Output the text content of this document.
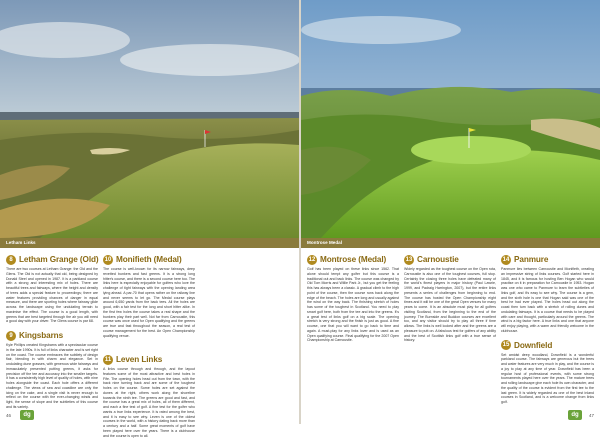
Letham Links
8 Letham Grange (Old)
There are two courses at Letham Grange: the Old and the Glens. The Old is not actually that old, being designed by Donald Steel and opened in 1987. It is a parkland course with a strong and interesting mix of holes. There are beautiful trees and fairways, where the height and density of trees adds a special feature to proceedings; there are water features providing chances of danger in equal measure, and there are sporting holes where fairway glide across the landscape using the undulating terrain to maximise the effect. The course is a good length, with greens that are best targeted through the air you will need a good day with your driver. The Glens course is par 68.
9 Kingsbarns
Kyle Phillips created Kingsbarns with a spectacular course in the late 1990s. It is full of links character and is set right on the coast. The course embraces the subtlety of design flair, blending in with charm and elegance. Set in undulating dune grasses, with generous wide fairways and immaculately presented putting greens, it asks for precision off the tee and accuracy into the smaller targets. It has a consistently high level of quality of holes, with nine holes alongside the coast. Each hole offers a different challenge. The views of sea and coastline are only the icing on the cake, and a single visit is never enough to reflect on the course with the ever-changing winds and light, the sense of slope and the subtleties of this course and its variety.
10 Monifieth (Medal)
The course is well-known for its narrow fairways, deep revetted bunkers and fast greens. It is a strong long hitter's course, and there is a second course here too. The links here is especially enjoyable for golfers who love the challenge of tight fairways with the opening landing area lying ahead. A par-70 that opens rather on the railway line and never seems to let go. The Medal course plays around 6,650 yards from the back tees. All the holes are good, with a fair test for the long and short hitter alike. In the first few holes the course takes a real shape and the bunkers play their part well. Not far from Carnoustie, this course was once used for Open qualifying and the greens are true and fast throughout the season, a real test of course management for the best. An Open Championship qualifying venue.
11 Leven Links
A links course through and through, and the layout features some of the most attractive and best holes in Fife. The opening holes head out from the town, with the back nine turning back and are some of the toughest holes on the course. Some holes are set against the dunes at the right, others work along the shoreline towards the ninth tee. The greens are good and fast, and the course has a great mix of holes, all of them different, and each a fine test of golf. A fine test for the golfer who wants a true links experience. It is rated among the best, and it is easy to see why. Leven is one of the oldest courses in the world, with a history dating back more than a century and a half. Some great moments of golf have been played here over the years. There is a clubhouse and the course is open to all.
46	dg
Montrose Medal
12 Montrose (Medal)
Golf has been played on these links since 1562. That alone should tempt any golfer but this course is a traditional out and back links. The course was changed by Old Tom Morris and Willie Park Jr., but you get the feeling this has always been a classic. A gradual climb to the high point of the course, then the course runs back along the edge of the beach. The holes are long and usually against the wind on the way back. The finishing stretch of holes has some of the toughest in Scotland. You need to play smart golf here, both from the tee and into the greens. It's a great test of links golf on a big scale. The opening stretch is very strong and the finish is just as good. A fine course, one that you will want to go back to time and again. A must-play for any links lover and is used as an Open qualifying course. Final qualifying for the 2007 Open Championship at Carnoustie.
13 Carnoustie
Widely regarded as the toughest course on the Open rota, Carnoustie is also one of the toughest courses, full stop. Certainly the closing three holes have defeated many of the world's finest players in major history (Paul Lawrie, 1999, and Padraig Harrington, 2007), but the entire links presents a series of challenges from beginning to end. The course has hosted the Open Championship eight times and it will be one of the great Open venues for many years to come. It is an absolute must play for all golfers visiting Scotland, from the beginning to the end of the journey. The Burnside and Buddon courses are excellent too, and any visitor should try to play all three if time allows. The links is well looked after and the greens are a pleasure to putt on. A fabulous test for golfers of any ability and the best of Scottish links golf with a true sense of history.
14 Panmure
Panmure lies between Carnoustie and Monifieth, creating an impressive string of links courses. Golf started here in 1845, and it is famous for hosting Ben Hogan who would practise on it in preparation for Carnoustie in 1953. Hogan was one who came to Panmure to learn the subtleties of links golf, and it's easy to see why. The course is a gem, and the sixth hole is one that Hogan said was one of the best he had ever played. The holes head out along the coast then turn back with a stretch of rolling dunes and undulating fairways. It is a course that needs to be played with care and thought, particularly around the greens. The wind is a big factor here. A true links and one that anyone will enjoy playing, with a warm and friendly welcome in the clubhouse.
15 Downfield
Set amidst deep woodland, Downfield is a wonderful parkland course. The fairways are generous but the trees and water features are very much in play, and the course is a joy to play at any time of year. Downfield has been a regular host of professional events, with some strong tournaments played here over the years. The mature trees and rolling landscape give each hole its own character, and the quality of the course is evident from the first tee to the last green. It is widely regarded as one of the best inland courses in Scotland, and is a welcome change from links golf.
dg	47
